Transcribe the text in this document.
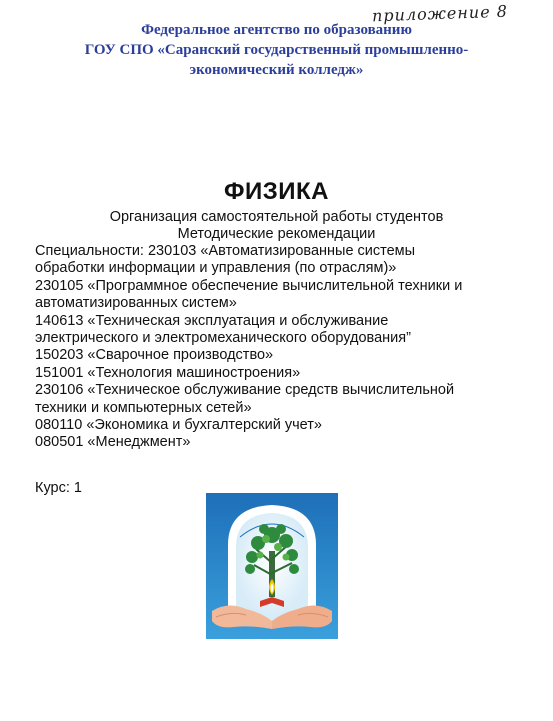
Федеральное агентство по образованию
ГОУ СПО «Саранский государственный промышленно-
экономический колледж»
приложение 8
ФИЗИКА
Организация самостоятельной работы студентов
Методические рекомендации
Специальности: 230103 «Автоматизированные системы
обработки информации и управления (по отраслям)»
230105 «Программное обеспечение вычислительной техники и
автоматизированных систем»
140613 «Техническая эксплуатация и обслуживание
электрического и электромеханического оборудования”
150203 «Сварочное производство»
151001 «Технология машиностроения»
230106 «Техническое обслуживание средств вычислительной
техники и компьютерных сетей»
080110 «Экономика и бухгалтерский учет»
080501 «Менеджмент»
Курс: 1
